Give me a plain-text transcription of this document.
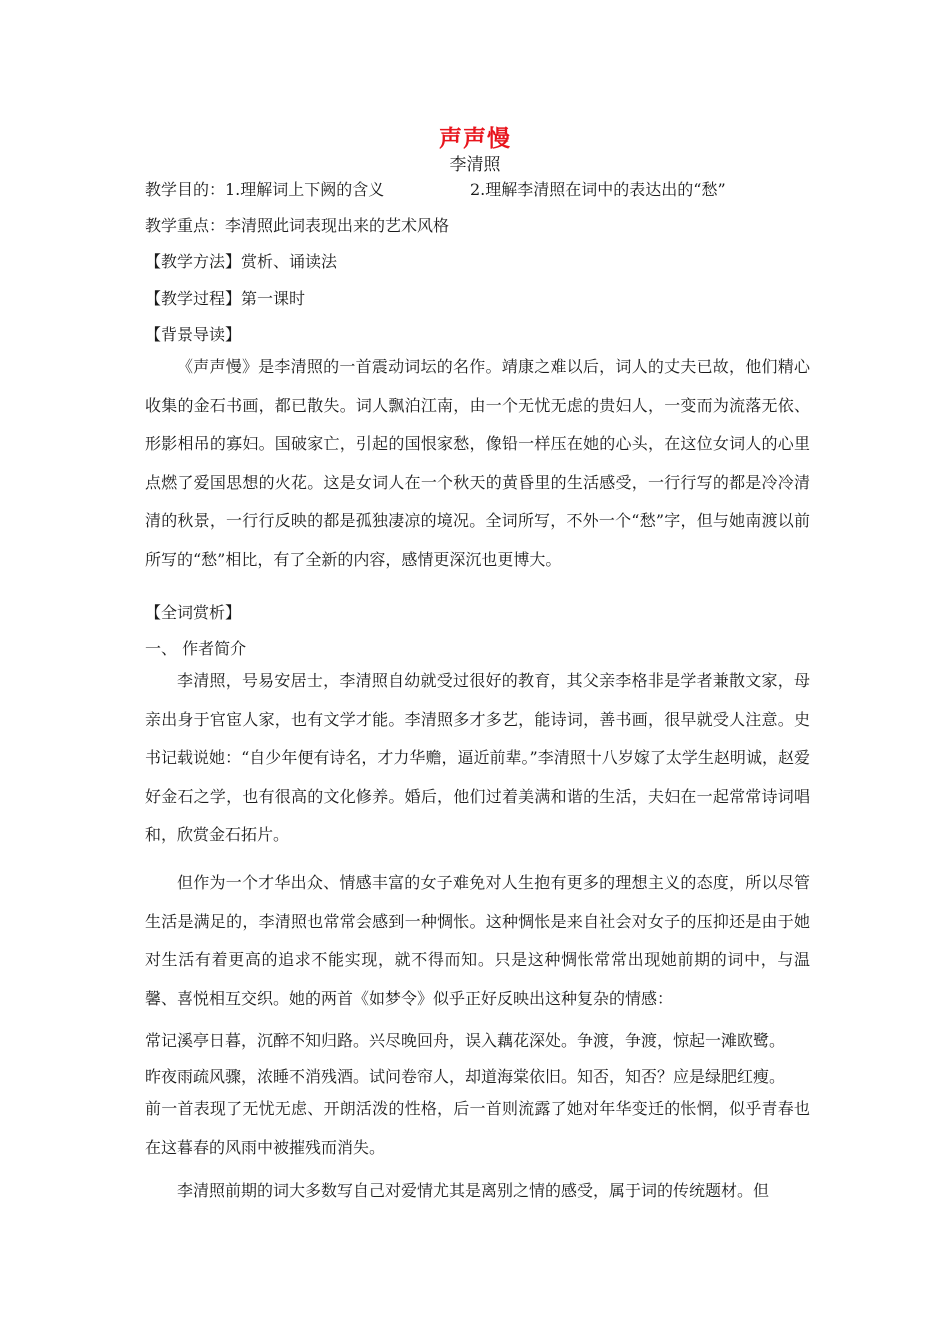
声声慢
李清照
教学目的：1.理解词上下阙的含义	2.理解李清照在词中的表达出的“愁”
教学重点：李清照此词表现出来的艺术风格
【教学方法】赏析、诵读法
【教学过程】第一课时
【背景导读】
《声声慢》是李清照的一首震动词坛的名作。靖康之难以后，词人的丈夫已故，他们精心收集的金石书画，都已散失。词人飘泊江南，由一个无忧无虑的贵妇人，一变而为流落无依、形影相吊的寡妇。国破家亡，引起的国恨家愁，像铅一样压在她的心头，在这位女词人的心里点燃了爱国思想的火花。这是女词人在一个秋天的黄昏里的生活感受，一行行写的都是冷冷清清的秋景，一行行反映的都是孤独凄凉的境况。全词所写，不外一个“愁”字，但与她南渡以前所写的“愁”相比，有了全新的内容，感情更深沉也更博大。
【全词赏析】
一、 作者简介
李清照，号易安居士，李清照自幼就受过很好的教育，其父亲李格非是学者兼散文家，母亲出身于官宦人家，也有文学才能。李清照多才多艺，能诗词，善书画，很早就受人注意。史书记载说她：“自少年便有诗名，才力华赡，逼近前辈。”李清照十八岁嫁了太学生赵明诚，赵爱好金石之学，也有很高的文化修养。婚后，他们过着美满和谐的生活，夫妇在一起常常诗词唱和，欣赏金石拓片。
但作为一个才华出众、情感丰富的女子难免对人生抱有更多的理想主义的态度，所以尽管生活是满足的，李清照也常常会感到一种惆怅。这种惆怅是来自社会对女子的压抑还是由于她对生活有着更高的追求不能实现，就不得而知。只是这种惆怅常常出现她前期的词中，与温馨、喜悦相互交织。她的两首《如梦令》似乎正好反映出这种复杂的情感：
常记溪亭日暮，沉醉不知归路。兴尽晚回舟，误入藕花深处。争渡，争渡，惊起一滩欧鹭。
昨夜雨疏风骤，浓睡不消残酒。试问卷帘人，却道海棠依旧。知否，知否？应是绿肥红瘦。
前一首表现了无忧无虑、开朗活泼的性格，后一首则流露了她对年华变迁的怅惘，似乎青春也在这暮春的风雨中被摧残而消失。
李清照前期的词大多数写自己对爱情尤其是离别之情的感受，属于词的传统题材。但
